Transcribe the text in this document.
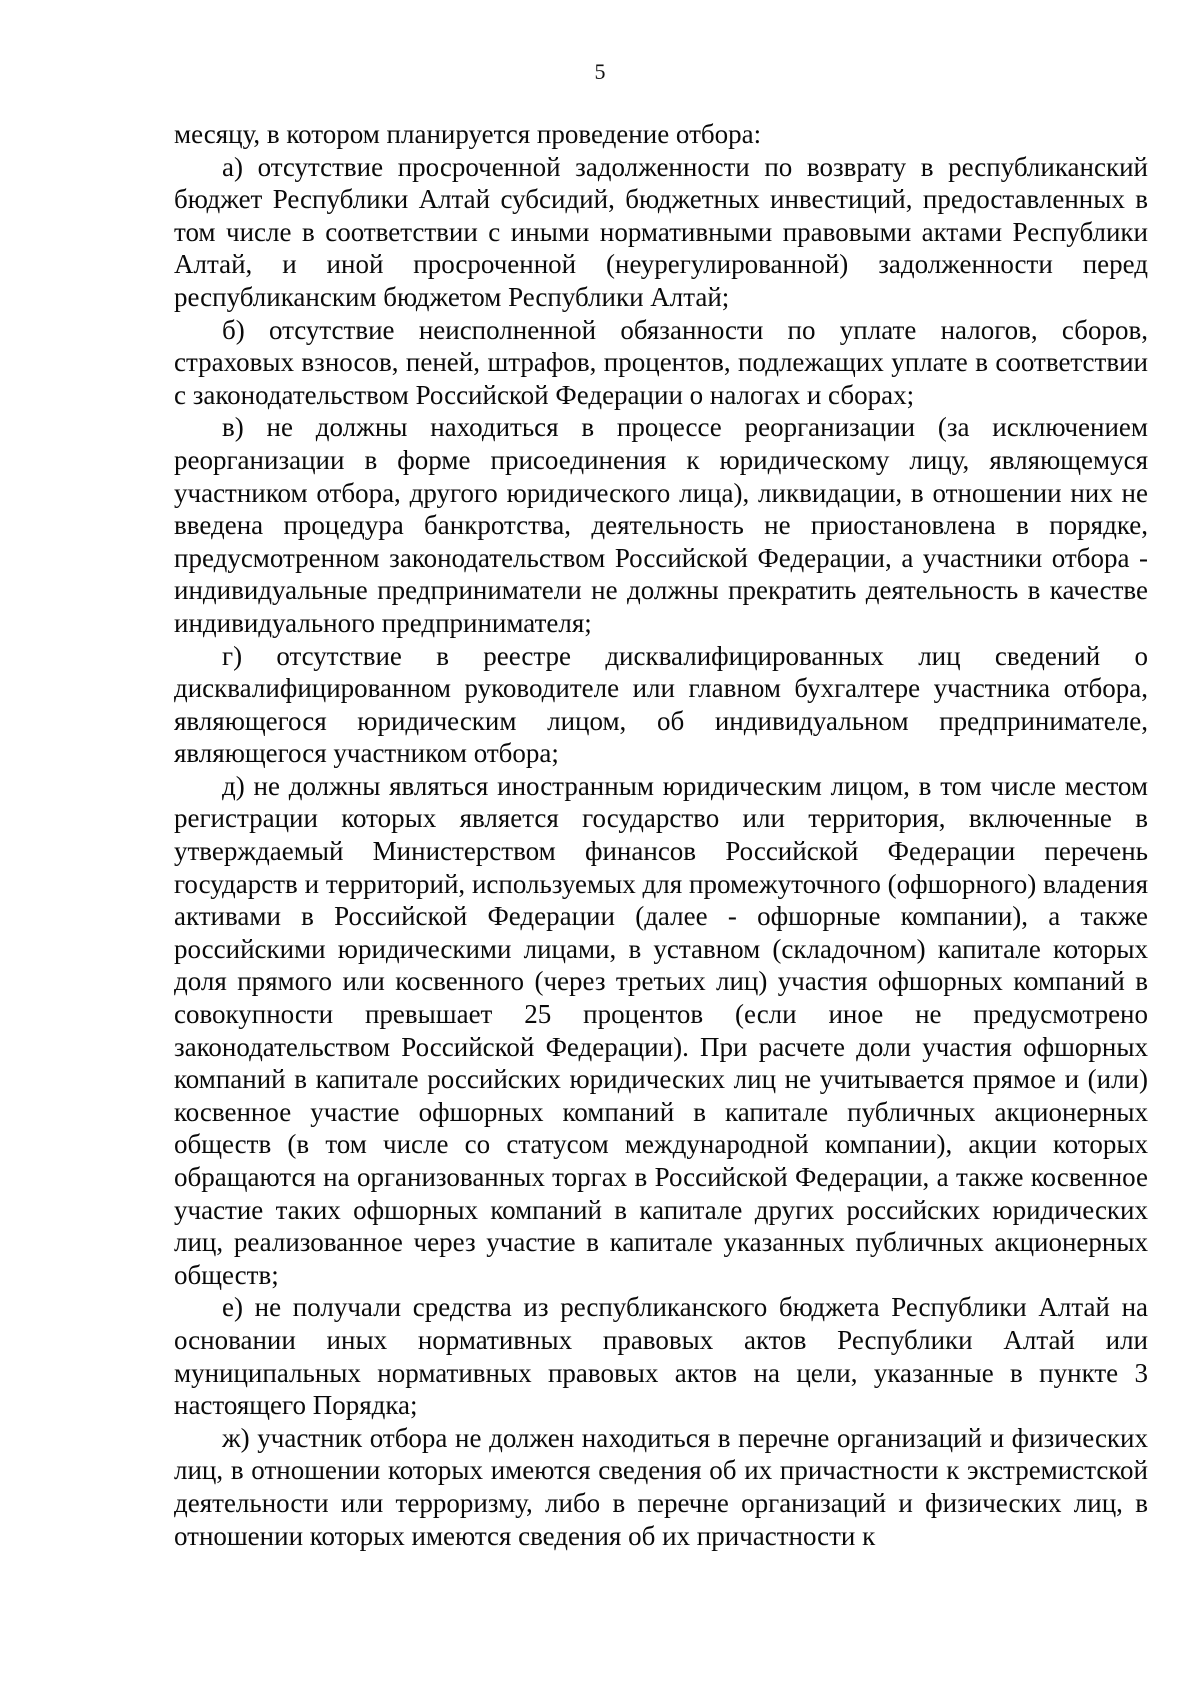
5

месяцу, в котором планируется проведение отбора:

а) отсутствие просроченной задолженности по возврату в республиканский бюджет Республики Алтай субсидий, бюджетных инвестиций, предоставленных в том числе в соответствии с иными нормативными правовыми актами Республики Алтай, и иной просроченной (неурегулированной) задолженности перед республиканским бюджетом Республики Алтай;

б) отсутствие неисполненной обязанности по уплате налогов, сборов, страховых взносов, пеней, штрафов, процентов, подлежащих уплате в соответствии с законодательством Российской Федерации о налогах и сборах;

в) не должны находиться в процессе реорганизации (за исключением реорганизации в форме присоединения к юридическому лицу, являющемуся участником отбора, другого юридического лица), ликвидации, в отношении них не введена процедура банкротства, деятельность не приостановлена в порядке, предусмотренном законодательством Российской Федерации, а участники отбора - индивидуальные предприниматели не должны прекратить деятельность в качестве индивидуального предпринимателя;

г) отсутствие в реестре дисквалифицированных лиц сведений о дисквалифицированном руководителе или главном бухгалтере участника отбора, являющегося юридическим лицом, об индивидуальном предпринимателе, являющегося участником отбора;

д) не должны являться иностранным юридическим лицом, в том числе местом регистрации которых является государство или территория, включенные в утверждаемый Министерством финансов Российской Федерации перечень государств и территорий, используемых для промежуточного (офшорного) владения активами в Российской Федерации (далее - офшорные компании), а также российскими юридическими лицами, в уставном (складочном) капитале которых доля прямого или косвенного (через третьих лиц) участия офшорных компаний в совокупности превышает 25 процентов (если иное не предусмотрено законодательством Российской Федерации). При расчете доли участия офшорных компаний в капитале российских юридических лиц не учитывается прямое и (или) косвенное участие офшорных компаний в капитале публичных акционерных обществ (в том числе со статусом международной компании), акции которых обращаются на организованных торгах в Российской Федерации, а также косвенное участие таких офшорных компаний в капитале других российских юридических лиц, реализованное через участие в капитале указанных публичных акционерных обществ;

е) не получали средства из республиканского бюджета Республики Алтай на основании иных нормативных правовых актов Республики Алтай или муниципальных нормативных правовых актов на цели, указанные в пункте 3 настоящего Порядка;

ж) участник отбора не должен находиться в перечне организаций и физических лиц, в отношении которых имеются сведения об их причастности к экстремистской деятельности или терроризму, либо в перечне организаций и физических лиц, в отношении которых имеются сведения об их причастности к
